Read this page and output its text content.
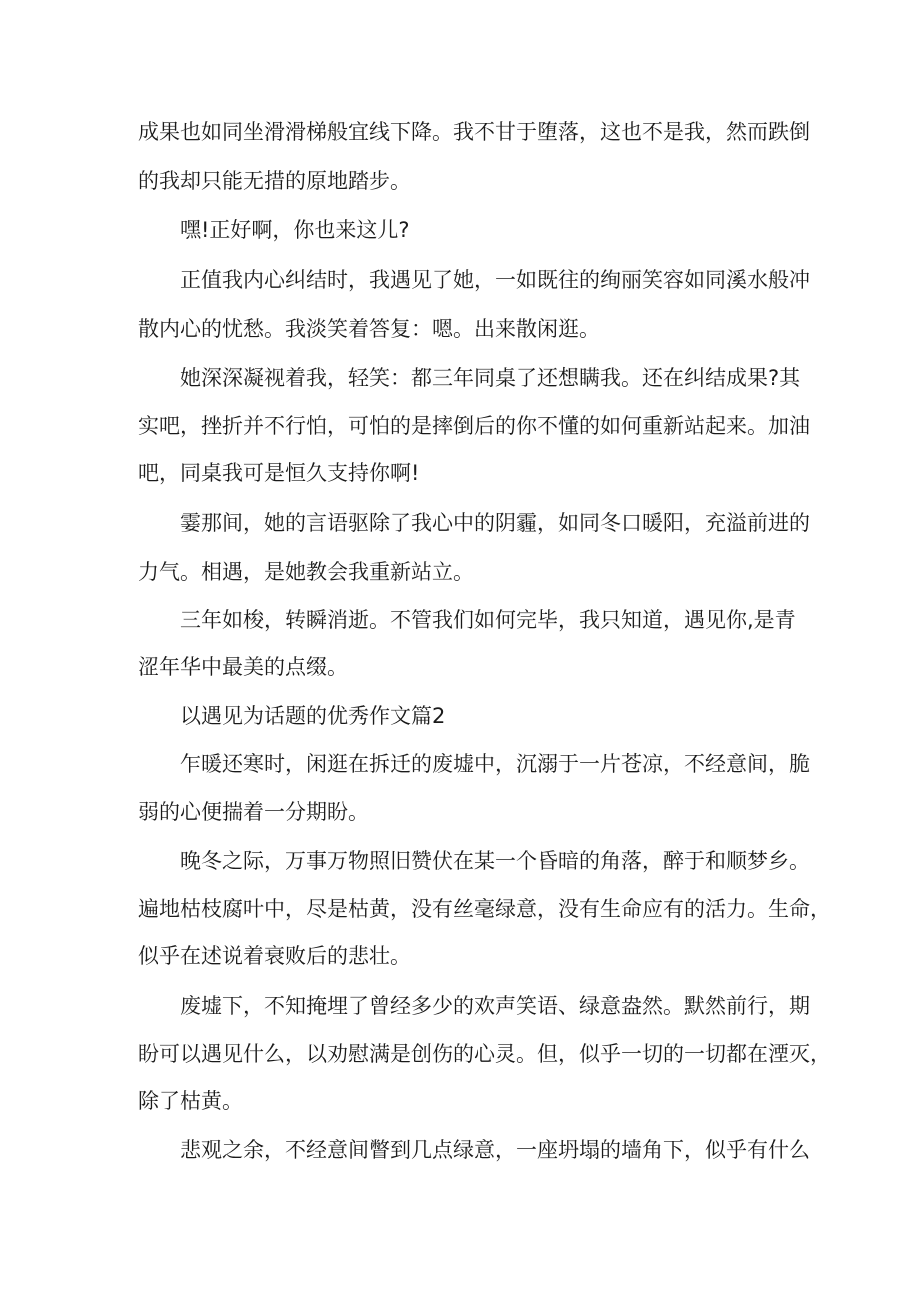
成果也如同坐滑滑梯般宜线下降。我不甘于堕落，这也不是我，然而跌倒

的我却只能无措的原地踏步。

嘿!正好啊，你也来这儿?

正值我内心纠结时，我遇见了她，一如既往的绚丽笑容如同溪水般冲

散内心的忧愁。我淡笑着答复：嗯。出来散闲逛。

她深深凝视着我，轻笑：都三年同桌了还想瞒我。还在纠结成果?其

实吧，挫折并不行怕，可怕的是摔倒后的你不懂的如何重新站起来。加油

吧，同桌我可是恒久支持你啊!

霎那间，她的言语驱除了我心中的阴霾，如同冬口暖阳，充溢前进的

力气。相遇，是她教会我重新站立。

三年如梭，转瞬消逝。不管我们如何完毕，我只知道，遇见你,是青

涩年华中最美的点缀。

以遇见为话题的优秀作文篇2

乍暖还寒时，闲逛在拆迁的废墟中，沉溺于一片苍凉，不经意间，脆

弱的心便揣着一分期盼。

晚冬之际，万事万物照旧赞伏在某一个昏暗的角落，醉于和顺梦乡。

遍地枯枝腐叶中，尽是枯黄，没有丝毫绿意，没有生命应有的活力。生命，

似乎在述说着衰败后的悲壮。

废墟下，不知掩埋了曾经多少的欢声笑语、绿意盎然。默然前行，期

盼可以遇见什么，以劝慰满是创伤的心灵。但，似乎一切的一切都在湮灭，

除了枯黄。

悲观之余，不经意间瞥到几点绿意，一座坍塌的墙角下，似乎有什么
